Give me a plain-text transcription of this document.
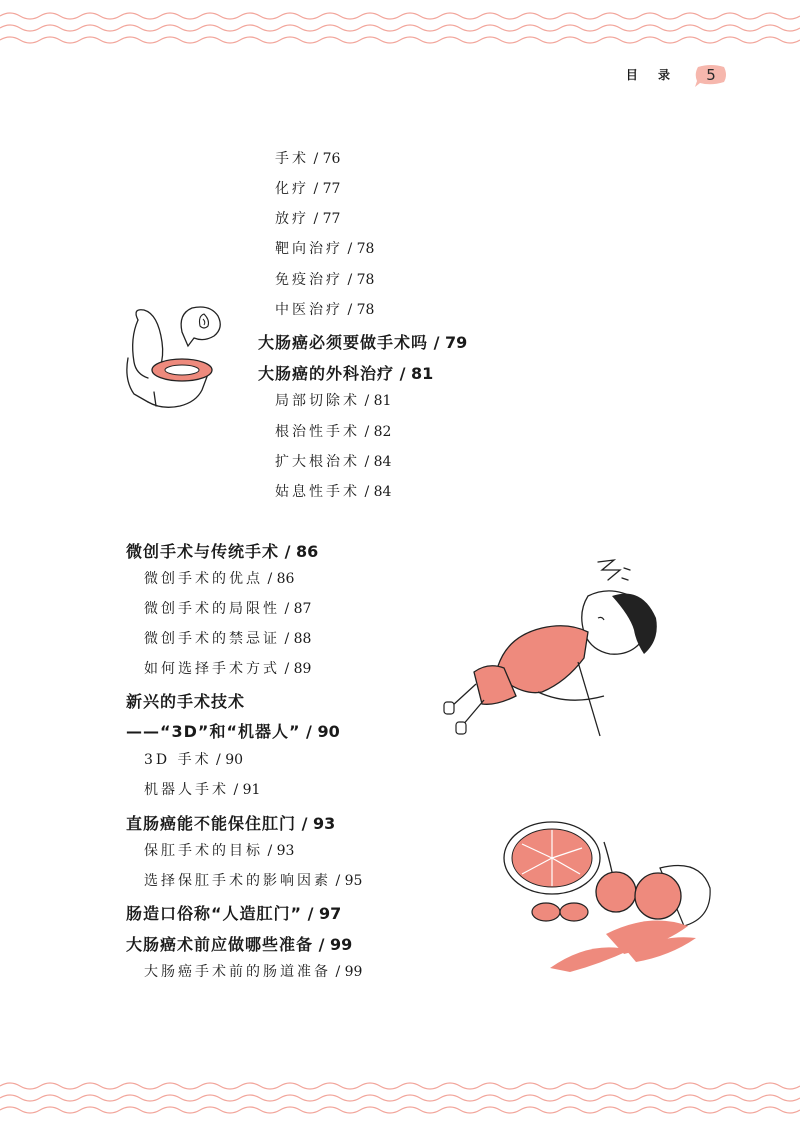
目 录	5
手术 / 76
化疗 / 77
放疗 / 77
靶向治疗 / 78
免疫治疗 / 78
中医治疗 / 78
大肠癌必须要做手术吗 / 79
大肠癌的外科治疗 / 81
局部切除术 / 81
根治性手术 / 82
扩大根治术 / 84
姑息性手术 / 84
微创手术与传统手术 / 86
微创手术的优点 / 86
微创手术的局限性 / 87
微创手术的禁忌证 / 88
如何选择手术方式 / 89
新兴的手术技术
——“3D”和“机器人” / 90
3D 手术 / 90
机器人手术 / 91
直肠癌能不能保住肛门 / 93
保肛手术的目标 / 93
选择保肛手术的影响因素 / 95
肠造口俗称“人造肛门” / 97
大肠癌术前应做哪些准备 / 99
大肠癌手术前的肠道准备 / 99
